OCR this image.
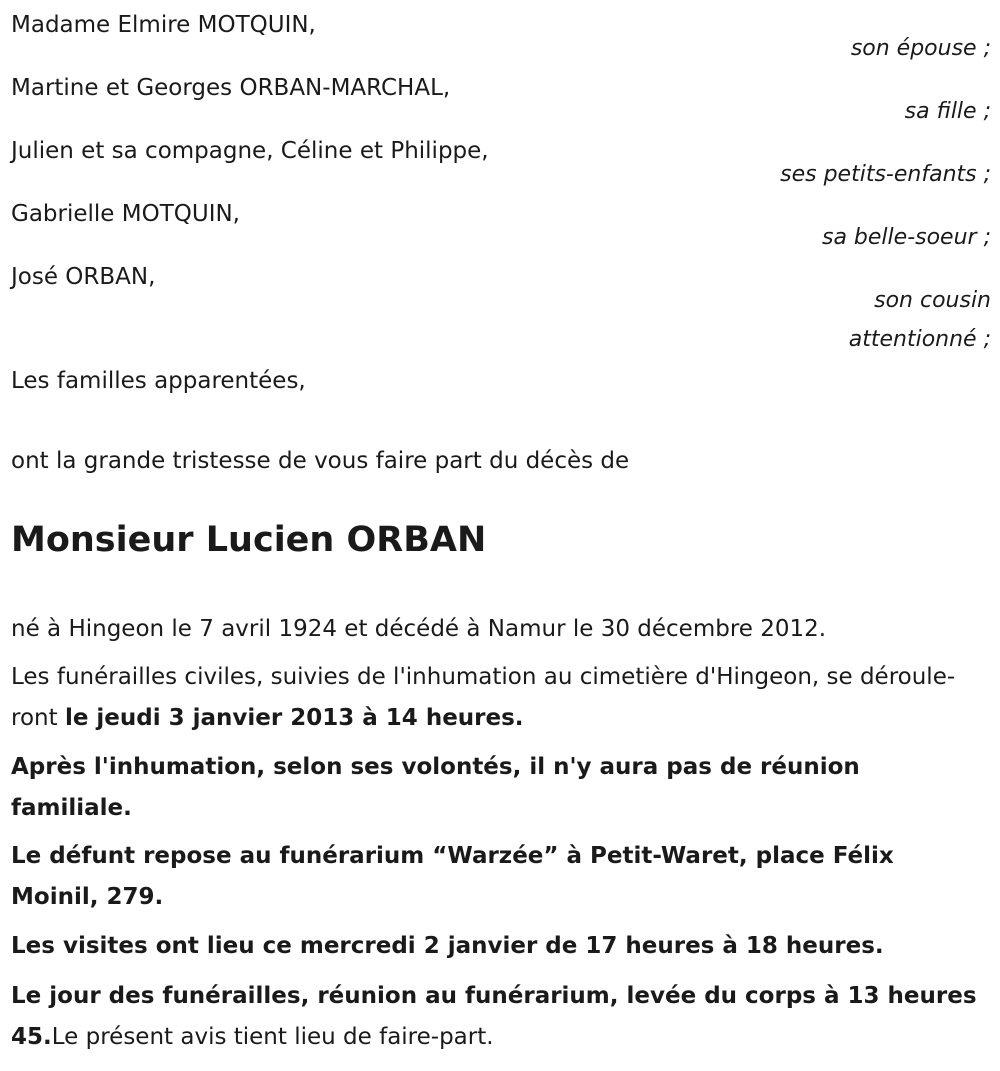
Madame Elmire MOTQUIN,
son épouse ;
Martine et Georges ORBAN-MARCHAL,
sa fille ;
Julien et sa compagne, Céline et Philippe,
ses petits-enfants ;
Gabrielle MOTQUIN,
sa belle-soeur ;
José ORBAN,
son cousin
attentionné ;
Les familles apparentées,
ont la grande tristesse de vous faire part du décès de
Monsieur Lucien ORBAN
né à Hingeon le 7 avril 1924 et décédé à Namur le 30 décembre 2012.
Les funérailles civiles, suivies de l'inhumation au cimetière d'Hingeon, se dérouleront le jeudi 3 janvier 2013 à 14 heures.
Après l'inhumation, selon ses volontés, il n'y aura pas de réunion familiale.
Le défunt repose au funérarium “Warzée” à Petit-Waret, place Félix Moinil, 279.
Les visites ont lieu ce mercredi 2 janvier de 17 heures à 18 heures.
Le jour des funérailles, réunion au funérarium, levée du corps à 13 heures 45.Le présent avis tient lieu de faire-part.
